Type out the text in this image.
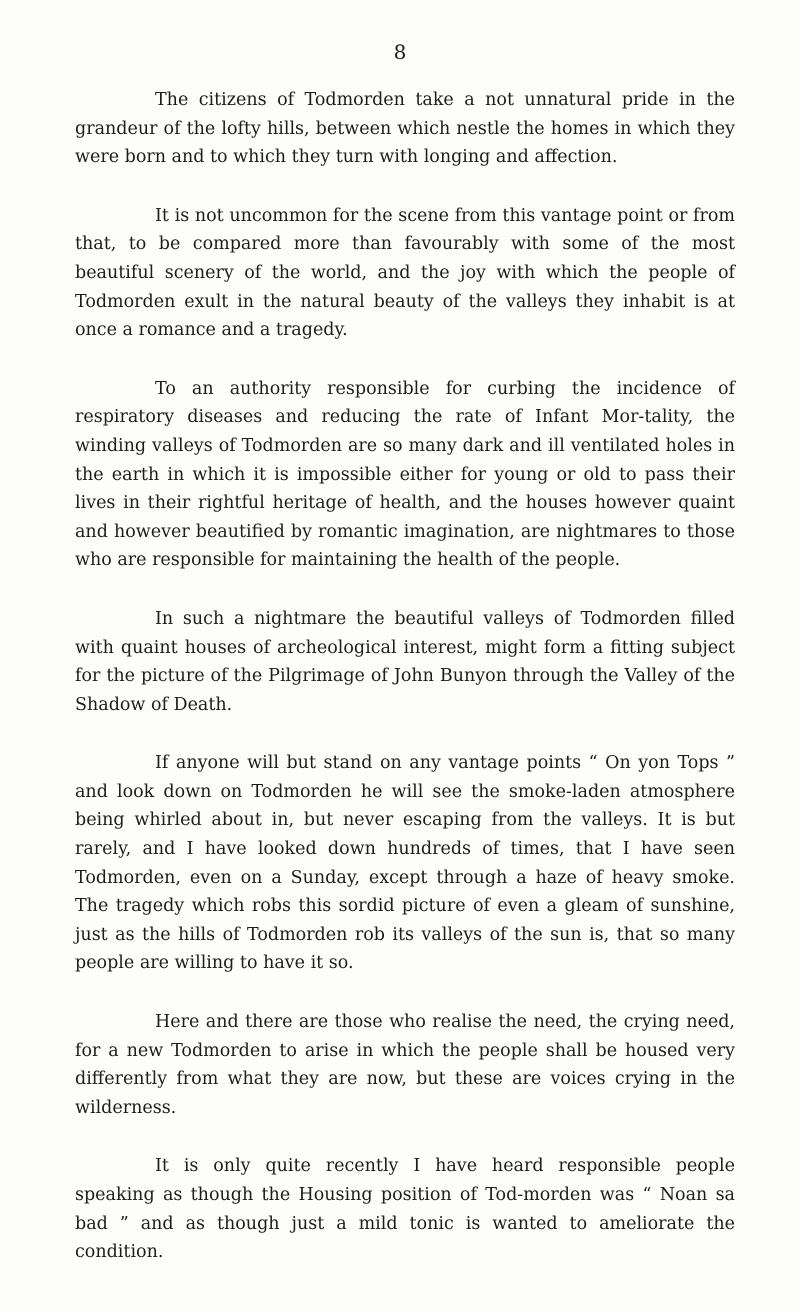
8

The citizens of Todmorden take a not unnatural pride in the grandeur of the lofty hills, between which nestle the homes in which they were born and to which they turn with longing and affection.

It is not uncommon for the scene from this vantage point or from that, to be compared more than favourably with some of the most beautiful scenery of the world, and the joy with which the people of Todmorden exult in the natural beauty of the valleys they inhabit is at once a romance and a tragedy.

To an authority responsible for curbing the incidence of respiratory diseases and reducing the rate of Infant Mor-tality, the winding valleys of Todmorden are so many dark and ill ventilated holes in the earth in which it is impossible either for young or old to pass their lives in their rightful heritage of health, and the houses however quaint and however beautified by romantic imagination, are nightmares to those who are responsible for maintaining the health of the people.

In such a nightmare the beautiful valleys of Todmorden filled with quaint houses of archeological interest, might form a fitting subject for the picture of the Pilgrimage of John Bunyon through the Valley of the Shadow of Death.

If anyone will but stand on any vantage points “ On yon Tops ” and look down on Todmorden he will see the smoke-laden atmosphere being whirled about in, but never escaping from the valleys. It is but rarely, and I have looked down hundreds of times, that I have seen Todmorden, even on a Sunday, except through a haze of heavy smoke. The tragedy which robs this sordid picture of even a gleam of sunshine, just as the hills of Todmorden rob its valleys of the sun is, that so many people are willing to have it so.

Here and there are those who realise the need, the crying need, for a new Todmorden to arise in which the people shall be housed very differently from what they are now, but these are voices crying in the wilderness.

It is only quite recently I have heard responsible people speaking as though the Housing position of Tod-morden was “ Noan sa bad ” and as though just a mild tonic is wanted to ameliorate the condition.
